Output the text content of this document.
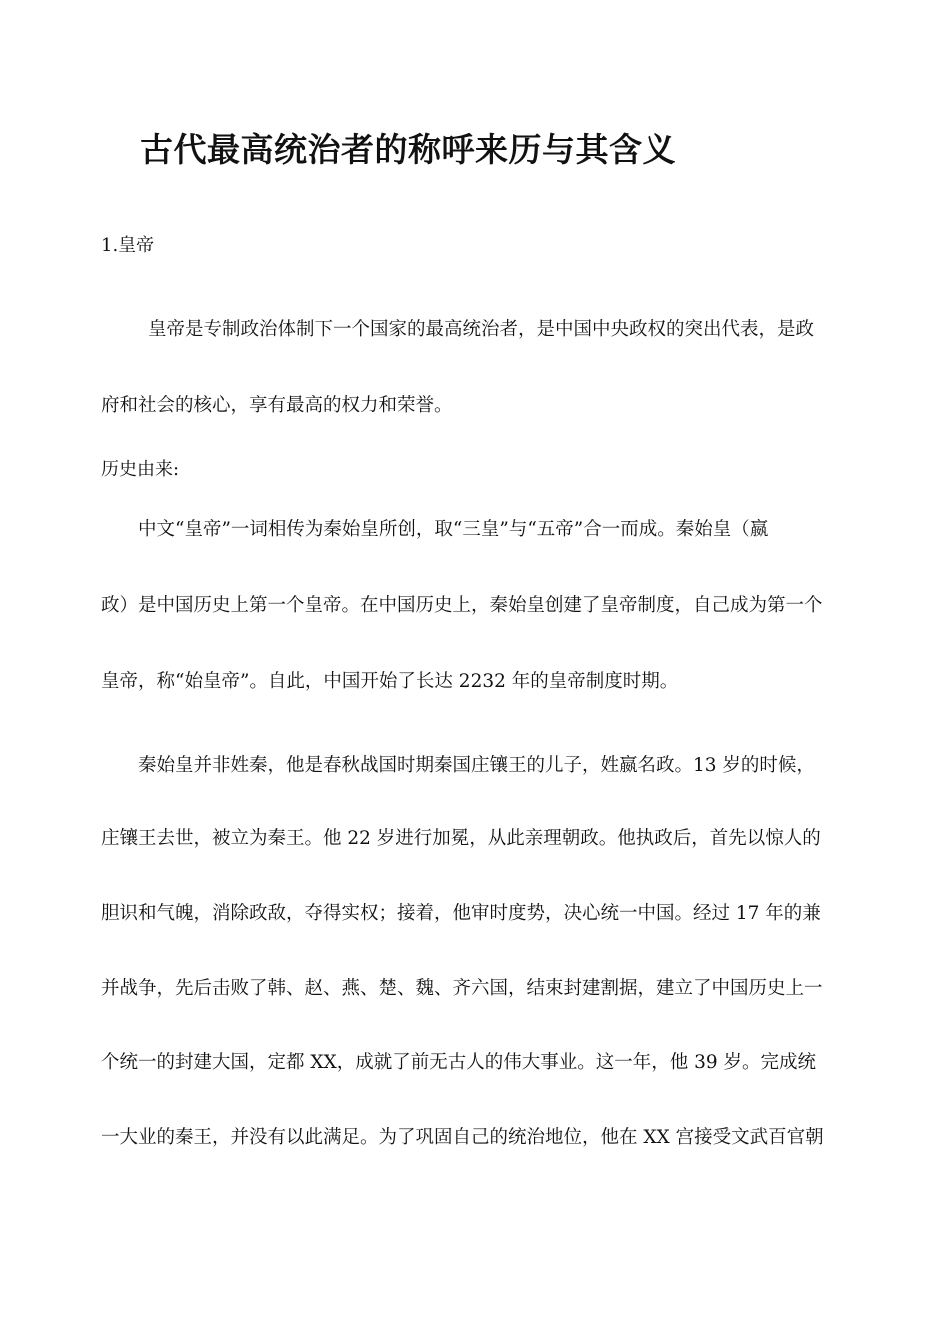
古代最高统治者的称呼来历与其含义
1.皇帝
皇帝是专制政治体制下一个国家的最高统治者，是中国中央政权的突出代表，是政
府和社会的核心，享有最高的权力和荣誉。
历史由来:
中文“皇帝”一词相传为秦始皇所创，取“三皇”与“五帝”合一而成。秦始皇（嬴
政）是中国历史上第一个皇帝。在中国历史上，秦始皇创建了皇帝制度，自己成为第一个
皇帝，称“始皇帝”。自此，中国开始了长达 2232 年的皇帝制度时期。
秦始皇并非姓秦，他是春秋战国时期秦国庄镶王的儿子，姓嬴名政。13 岁的时候，
庄镶王去世，被立为秦王。他 22 岁进行加冕，从此亲理朝政。他执政后，首先以惊人的
胆识和气魄，消除政敌，夺得实权；接着，他审时度势，决心统一中国。经过 17 年的兼
并战争，先后击败了韩、赵、燕、楚、魏、齐六国，结束封建割据，建立了中国历史上一
个统一的封建大国，定都 XX，成就了前无古人的伟大事业。这一年，他 39 岁。完成统
一大业的秦王，并没有以此满足。为了巩固自己的统治地位，他在 XX 宫接受文武百官朝
